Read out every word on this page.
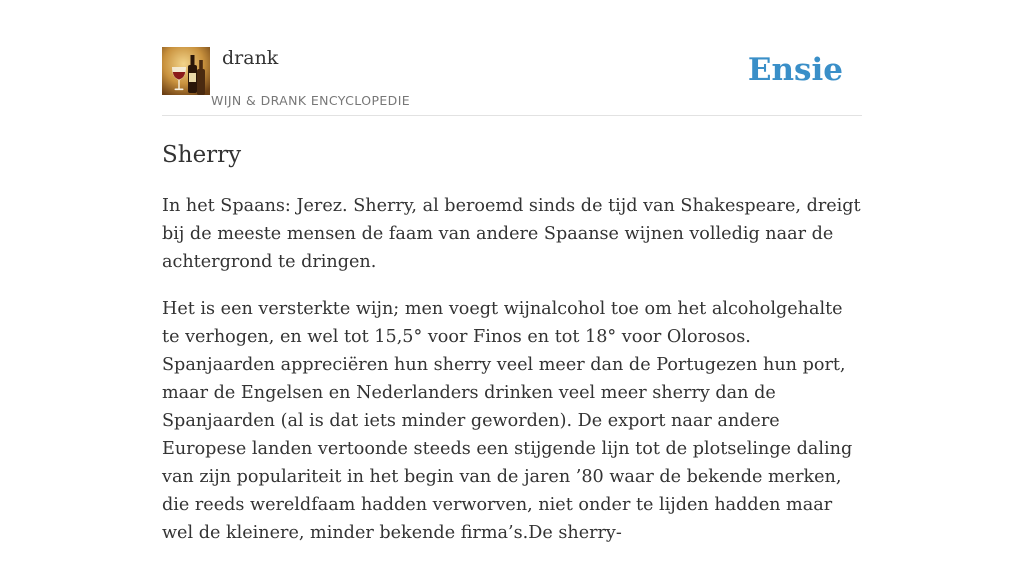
drank
WIJN & DRANK ENCYCLOPEDIE
Ensie
Sherry

In het Spaans: Jerez. Sherry, al beroemd sinds de tijd van Shakespeare, dreigt bij de meeste mensen de faam van andere Spaanse wijnen volledig naar de achtergrond te dringen.

Het is een versterkte wijn; men voegt wijnalcohol toe om het alcoholgehalte te verhogen, en wel tot 15,5° voor Finos en tot 18° voor Olorosos. Spanjaarden appreciëren hun sherry veel meer dan de Portugezen hun port, maar de Engelsen en Nederlanders drinken veel meer sherry dan de Spanjaarden (al is dat iets minder geworden). De export naar andere Europese landen vertoonde steeds een stijgende lijn tot de plotselinge daling van zijn populariteit in het begin van de jaren ’80 waar de bekende merken, die reeds wereldfaam hadden verworven, niet onder te lijden hadden maar wel de kleinere, minder bekende firma’s.De sherry-
